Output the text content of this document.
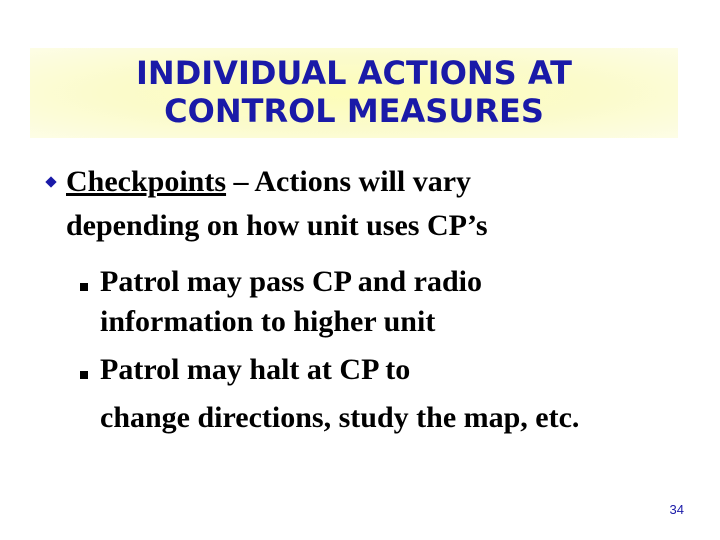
INDIVIDUAL ACTIONS AT
CONTROL MEASURES
Checkpoints – Actions will vary
depending on how unit uses CP’s
Patrol may pass CP and radio
information to higher unit
Patrol may halt at CP to
change directions, study the map, etc.
34
